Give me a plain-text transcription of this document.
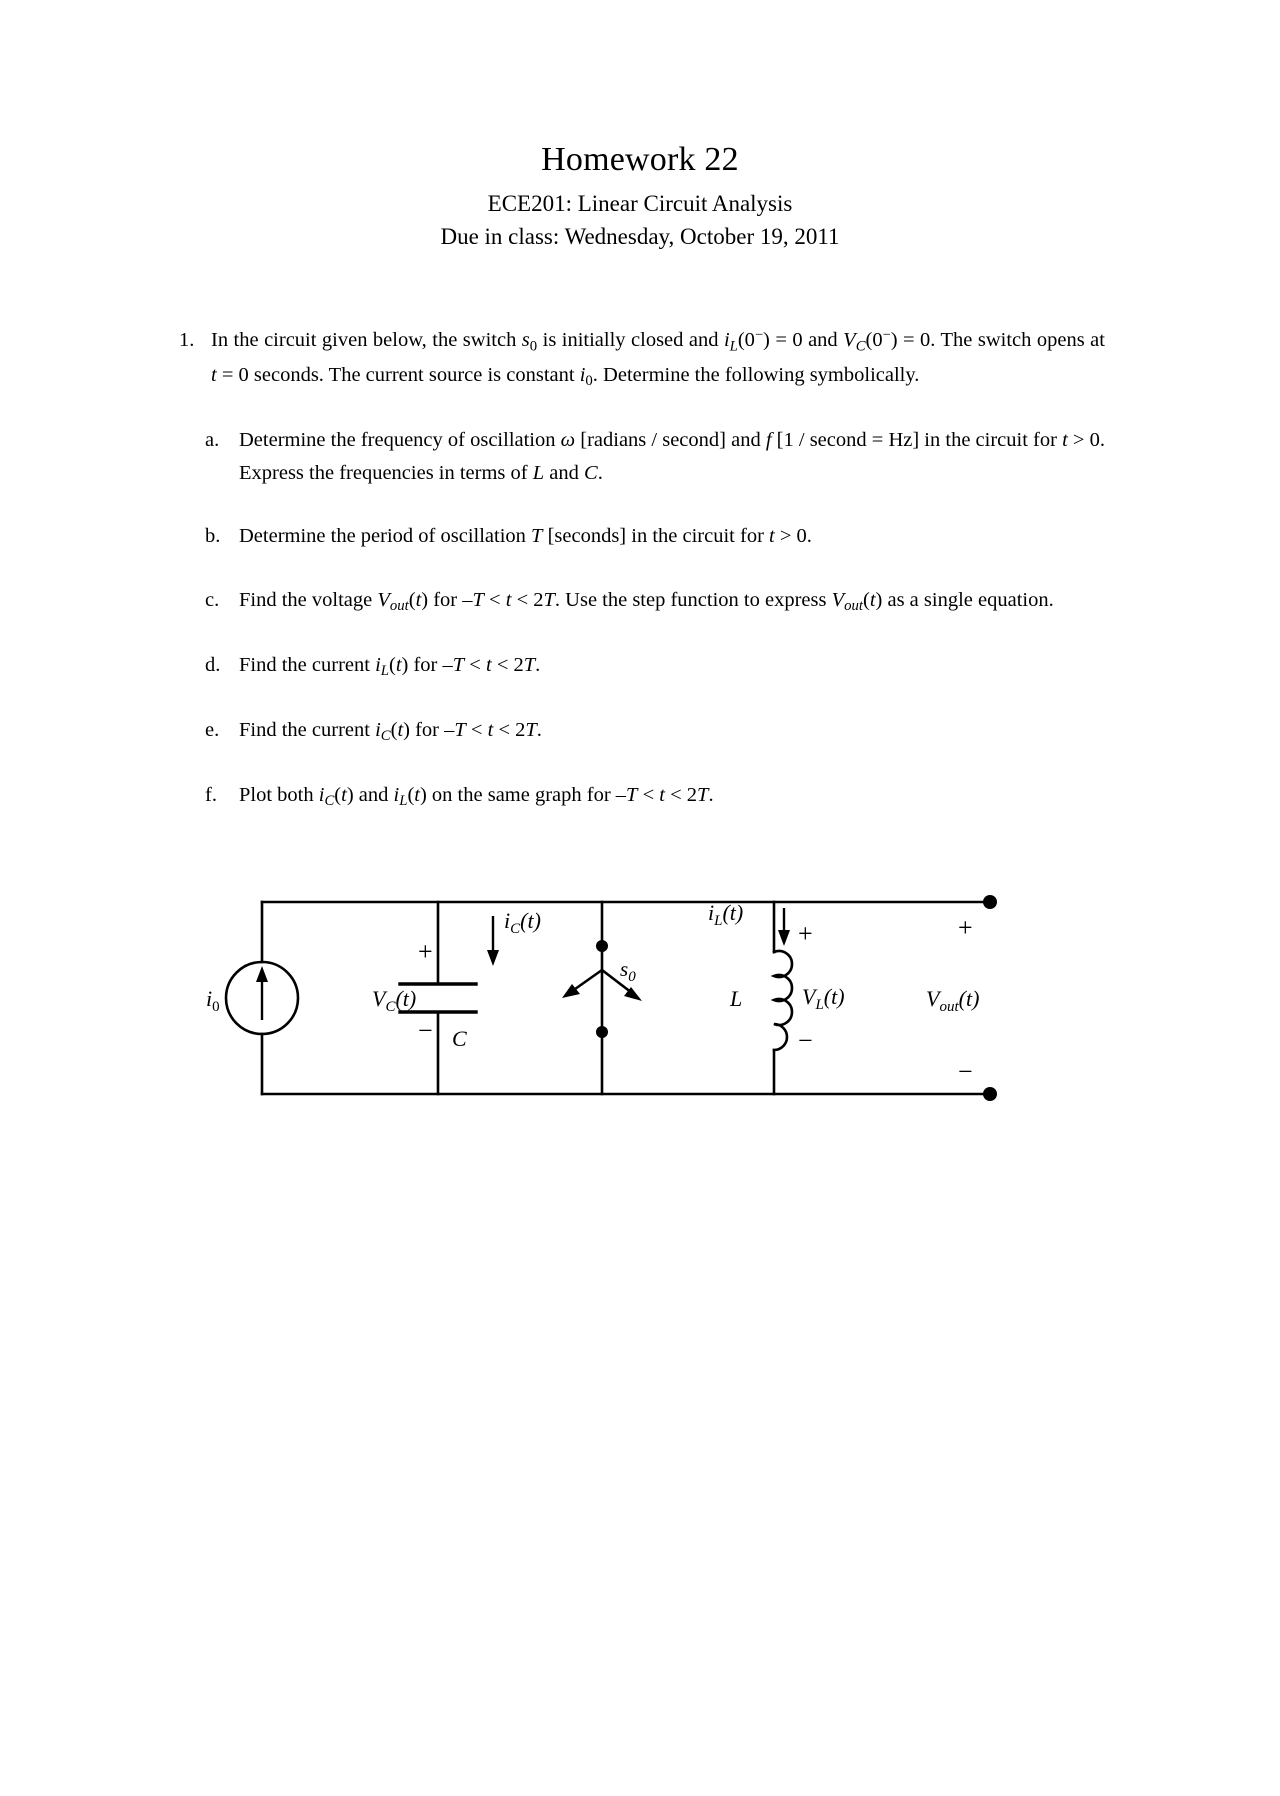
Homework 22
ECE201: Linear Circuit Analysis
Due in class: Wednesday, October 19, 2011
1. In the circuit given below, the switch $s_0$ is initially closed and $i_L(0^-) = 0$ and $V_C(0^-) = 0$. The switch opens at t = 0 seconds. The current source is constant $i_0$. Determine the following symbolically.
a. Determine the frequency of oscillation ω [radians / second] and f [1 / second = Hz] in the circuit for t > 0. Express the frequencies in terms of L and C.
b. Determine the period of oscillation T [seconds] in the circuit for t > 0.
c. Find the voltage $V_{out}(t)$ for –T < t < 2T. Use the step function to express $V_{out}(t)$ as a single equation.
d. Find the current $i_L(t)$ for –T < t < 2T.
e. Find the current $i_C(t)$ for –T < t < 2T.
f.	Plot both $i_C(t)$ and $i_L(t)$ on the same graph for –T < t < 2T.
$i_0$	$V_C(t)$
+
− C
$i_C(t)$
$s_0$
L
$i_L(t)$
$V_L(t)$
+
−
+
−
$V_{out}(t)$
